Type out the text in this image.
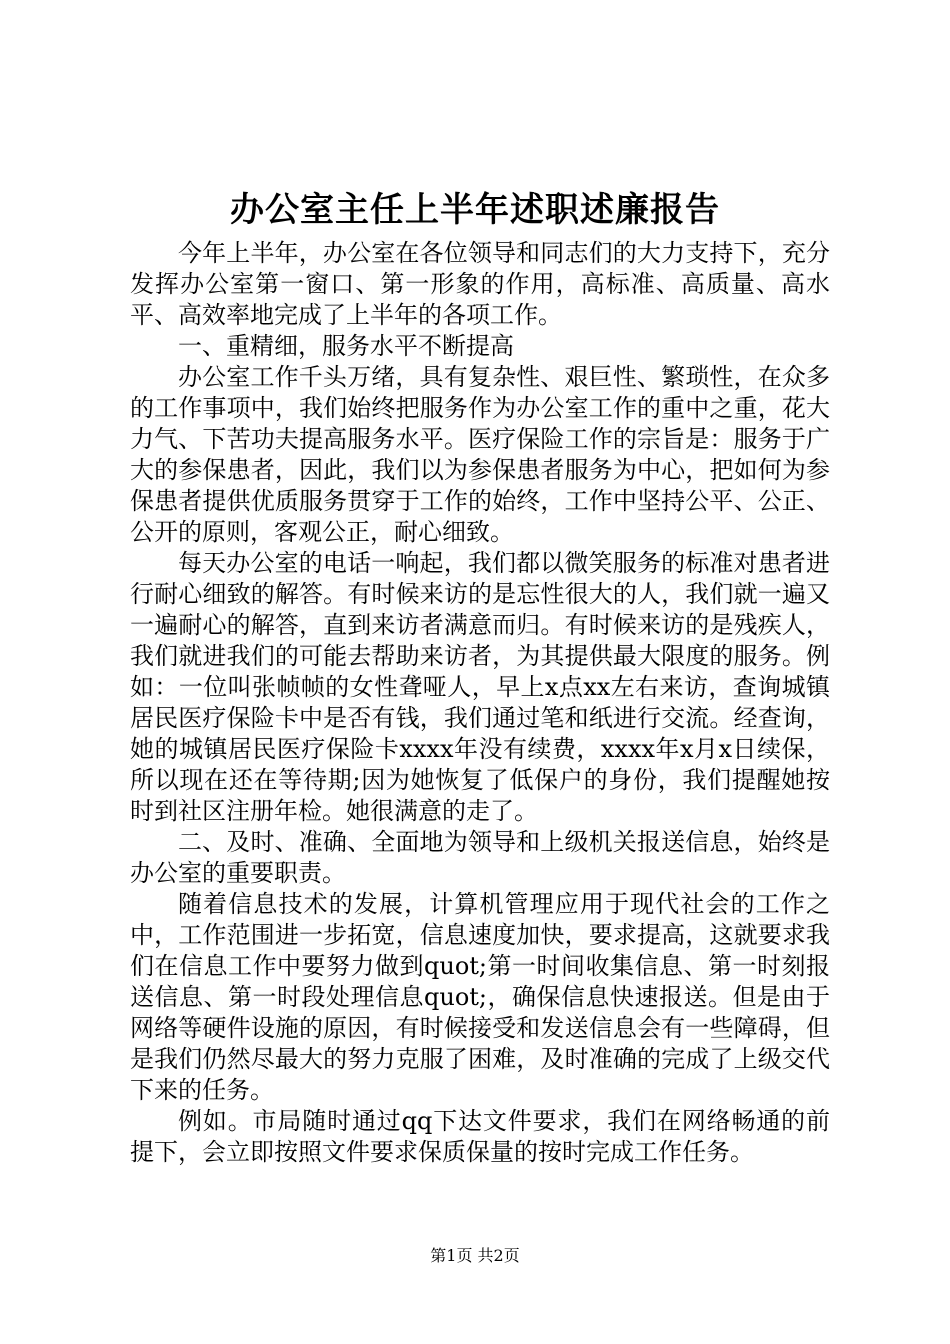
办公室主任上半年述职述廉报告

今年上半年，办公室在各位领导和同志们的大力支持下，充分发挥办公室第一窗口、第一形象的作用，高标准、高质量、高水平、高效率地完成了上半年的各项工作。

一、重精细，服务水平不断提高

办公室工作千头万绪，具有复杂性、艰巨性、繁琐性，在众多的工作事项中，我们始终把服务作为办公室工作的重中之重，花大力气、下苦功夫提高服务水平。医疗保险工作的宗旨是：服务于广大的参保患者，因此，我们以为参保患者服务为中心，把如何为参保患者提供优质服务贯穿于工作的始终，工作中坚持公平、公正、公开的原则，客观公正，耐心细致。

每天办公室的电话一响起，我们都以微笑服务的标准对患者进行耐心细致的解答。有时候来访的是忘性很大的人，我们就一遍又一遍耐心的解答，直到来访者满意而归。有时候来访的是残疾人，我们就进我们的可能去帮助来访者，为其提供最大限度的服务。例如：一位叫张帧帧的女性聋哑人，早上x点xx左右来访，查询城镇居民医疗保险卡中是否有钱，我们通过笔和纸进行交流。经查询，她的城镇居民医疗保险卡xxxx年没有续费，xxxx年x月x日续保，所以现在还在等待期;因为她恢复了低保户的身份，我们提醒她按时到社区注册年检。她很满意的走了。

二、及时、准确、全面地为领导和上级机关报送信息，始终是办公室的重要职责。

随着信息技术的发展，计算机管理应用于现代社会的工作之中，工作范围进一步拓宽，信息速度加快，要求提高，这就要求我们在信息工作中要努力做到quot;第一时间收集信息、第一时刻报送信息、第一时段处理信息quot;，确保信息快速报送。但是由于网络等硬件设施的原因，有时候接受和发送信息会有一些障碍，但是我们仍然尽最大的努力克服了困难，及时准确的完成了上级交代下来的任务。

例如。市局随时通过qq下达文件要求，我们在网络畅通的前提下，会立即按照文件要求保质保量的按时完成工作任务。

第1页 共2页
